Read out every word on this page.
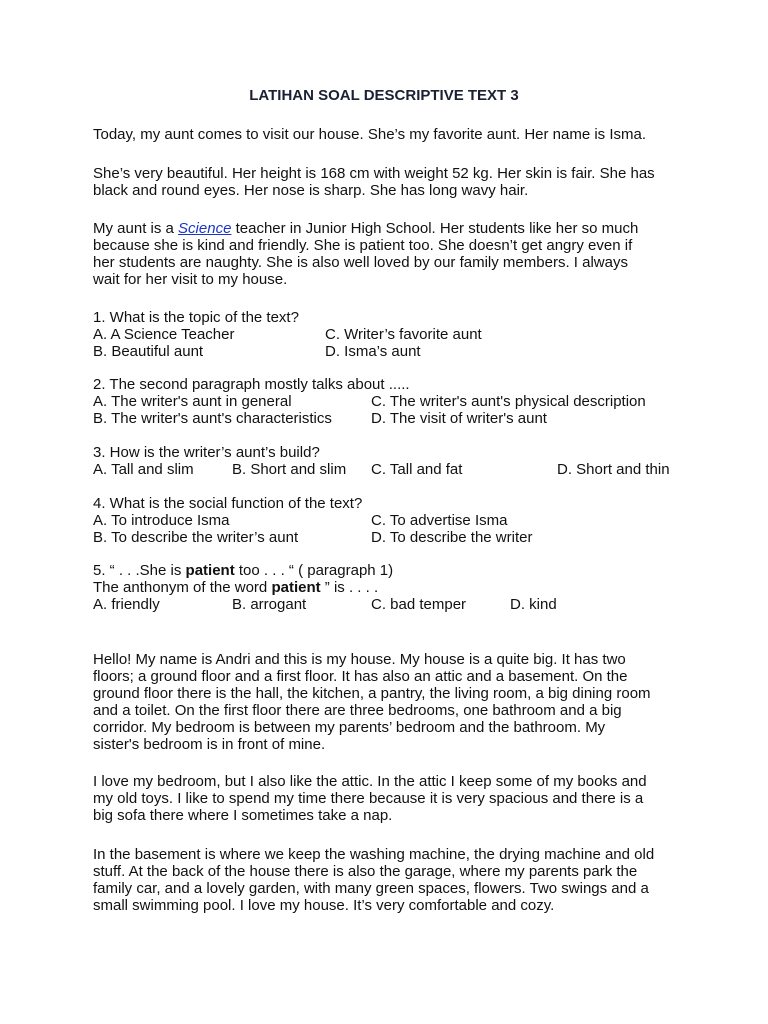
LATIHAN SOAL DESCRIPTIVE TEXT 3

Today, my aunt comes to visit our house. She’s my favorite aunt. Her name is Isma.

She’s very beautiful. Her height is 168 cm with weight 52 kg. Her skin is fair. She has
black and round eyes. Her nose is sharp. She has long wavy hair.
My aunt is a Science teacher in Junior High School. Her students like her so much
because she is kind and friendly. She is patient too. She doesn’t get angry even if
her students are naughty. She is also well loved by our family members. I always
wait for her visit to my house.
1. What is the topic of the text?
A. A Science Teacher	C. Writer’s favorite aunt
B. Beautiful aunt	D. Isma’s aunt
2. The second paragraph mostly talks about .....
A. The writer's aunt in general	C. The writer's aunt's physical description
B. The writer's aunt's characteristics	D. The visit of writer's aunt
3. How is the writer’s aunt’s build?
A. Tall and slim	B. Short and slim C. Tall and fat	D. Short and thin
4. What is the social function of the text?
A. To introduce Isma	C. To advertise Isma
B. To describe the writer’s aunt	D. To describe the writer
5. “ . . .She is patient too . . . “ ( paragraph 1)
The anthonym of the word patient ” is . . . .
A. friendly	B. arrogant	C. bad temper	D. kind
Hello! My name is Andri and this is my house. My house is a quite big. It has two
floors; a ground floor and a first floor. It has also an attic and a basement. On the
ground floor there is the hall, the kitchen, a pantry, the living room, a big dining room
and a toilet. On the first floor there are three bedrooms, one bathroom and a big
corridor. My bedroom is between my parents’ bedroom and the bathroom. My
sister's bedroom is in front of mine.
I love my bedroom, but I also like the attic. In the attic I keep some of my books and
my old toys. I like to spend my time there because it is very spacious and there is a
big sofa there where I sometimes take a nap.
In the basement is where we keep the washing machine, the drying machine and old
stuff. At the back of the house there is also the garage, where my parents park the
family car, and a lovely garden, with many green spaces, flowers. Two swings and a
small swimming pool. I love my house. It’s very comfortable and cozy.
